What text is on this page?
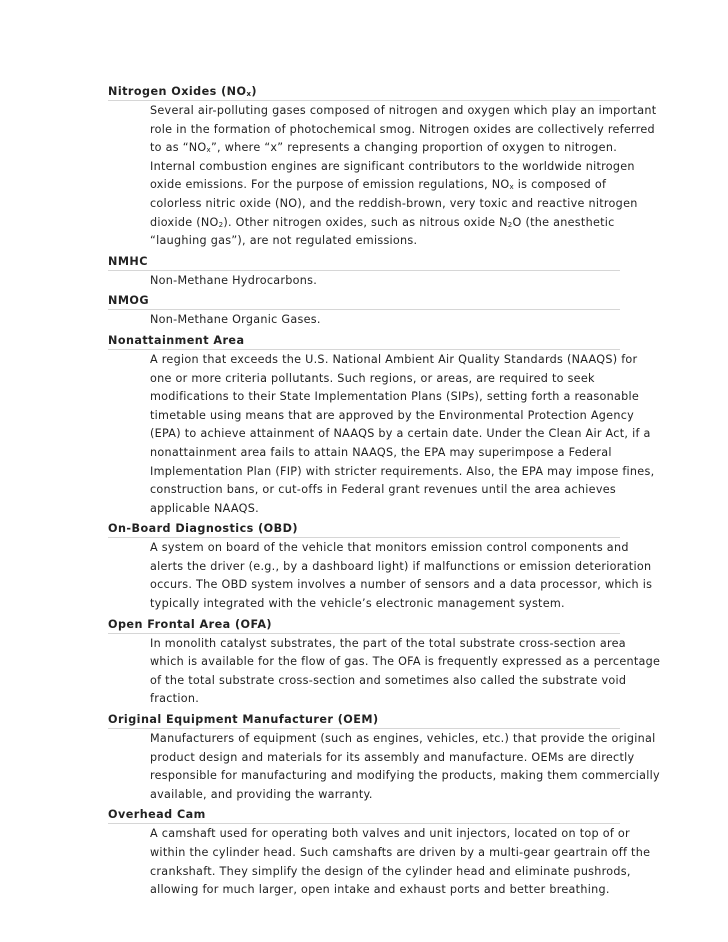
Nitrogen Oxides $(NO_x)$
Several air-polluting gases composed of nitrogen and oxygen which play an important
role in the formation of photochemical smog. Nitrogen oxides are collectively referred
to as “$NO_x$”, where “x” represents a changing proportion of oxygen to nitrogen.
Internal combustion engines are significant contributors to the worldwide nitrogen
oxide emissions. For the purpose of emission regulations, $NO_x$ is composed of
colorless nitric oxide (NO), and the reddish-brown, very toxic and reactive nitrogen
dioxide $(NO_2)$. Other nitrogen oxides, such as nitrous oxide $N_2O$ (the anesthetic
“laughing gas”), are not regulated emissions.
NMHC
Non-Methane Hydrocarbons.
NMOG
Non-Methane Organic Gases.
Nonattainment Area
A region that exceeds the U.S. National Ambient Air Quality Standards (NAAQS) for
one or more criteria pollutants. Such regions, or areas, are required to seek
modifications to their State Implementation Plans (SIPs), setting forth a reasonable
timetable using means that are approved by the Environmental Protection Agency
(EPA) to achieve attainment of NAAQS by a certain date. Under the Clean Air Act, if a
nonattainment area fails to attain NAAQS, the EPA may superimpose a Federal
Implementation Plan (FIP) with stricter requirements. Also, the EPA may impose fines,
construction bans, or cut-offs in Federal grant revenues until the area achieves
applicable NAAQS.
On-Board Diagnostics (OBD)
A system on board of the vehicle that monitors emission control components and
alerts the driver (e.g., by a dashboard light) if malfunctions or emission deterioration
occurs. The OBD system involves a number of sensors and a data processor, which is
typically integrated with the vehicle’s electronic management system.
Open Frontal Area (OFA)
In monolith catalyst substrates, the part of the total substrate cross-section area
which is available for the flow of gas. The OFA is frequently expressed as a percentage
of the total substrate cross-section and sometimes also called the substrate void
fraction.
Original Equipment Manufacturer (OEM)
Manufacturers of equipment (such as engines, vehicles, etc.) that provide the original
product design and materials for its assembly and manufacture. OEMs are directly
responsible for manufacturing and modifying the products, making them commercially
available, and providing the warranty.
Overhead Cam
A camshaft used for operating both valves and unit injectors, located on top of or
within the cylinder head. Such camshafts are driven by a multi-gear geartrain off the
crankshaft. They simplify the design of the cylinder head and eliminate pushrods,
allowing for much larger, open intake and exhaust ports and better breathing.
